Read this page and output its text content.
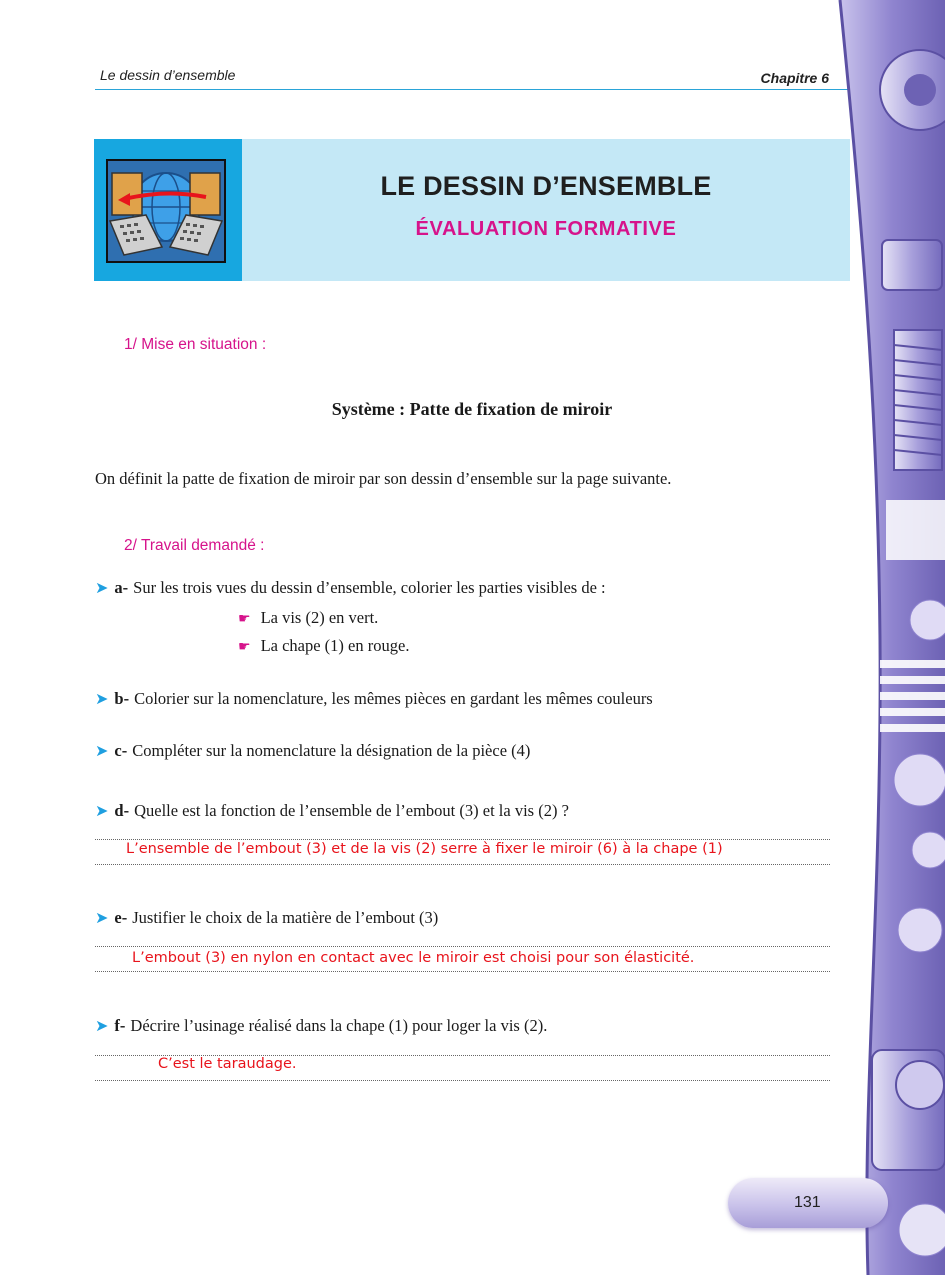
Le dessin d’ensemble	Chapitre 6
LE DESSIN D’ENSEMBLE
ÉVALUATION FORMATIVE
1/ Mise en situation :
Système : Patte de fixation de miroir
On définit la patte de fixation de miroir par son dessin d’ensemble sur la page suivante.
2/ Travail demandé :
➤ a- Sur les trois vues du dessin d’ensemble, colorier les parties visibles de :
☛ La vis (2) en vert.
☛ La chape (1) en rouge.
➤ b- Colorier sur la nomenclature, les mêmes pièces en gardant les mêmes couleurs
➤ c- Compléter sur la nomenclature la désignation de la pièce (4)
➤ d- Quelle est la fonction de l’ensemble de l’embout (3) et la vis (2) ?
L’ensemble de l’embout (3) et de la vis (2) serre à fixer le miroir (6) à la chape (1)
➤ e- Justifier le choix de la matière de l’embout (3)
L’embout (3) en nylon en contact avec le miroir est choisi pour son élasticité.
➤ f- Décrire l’usinage réalisé dans la chape (1) pour loger la vis (2).
C’est le taraudage.
131
